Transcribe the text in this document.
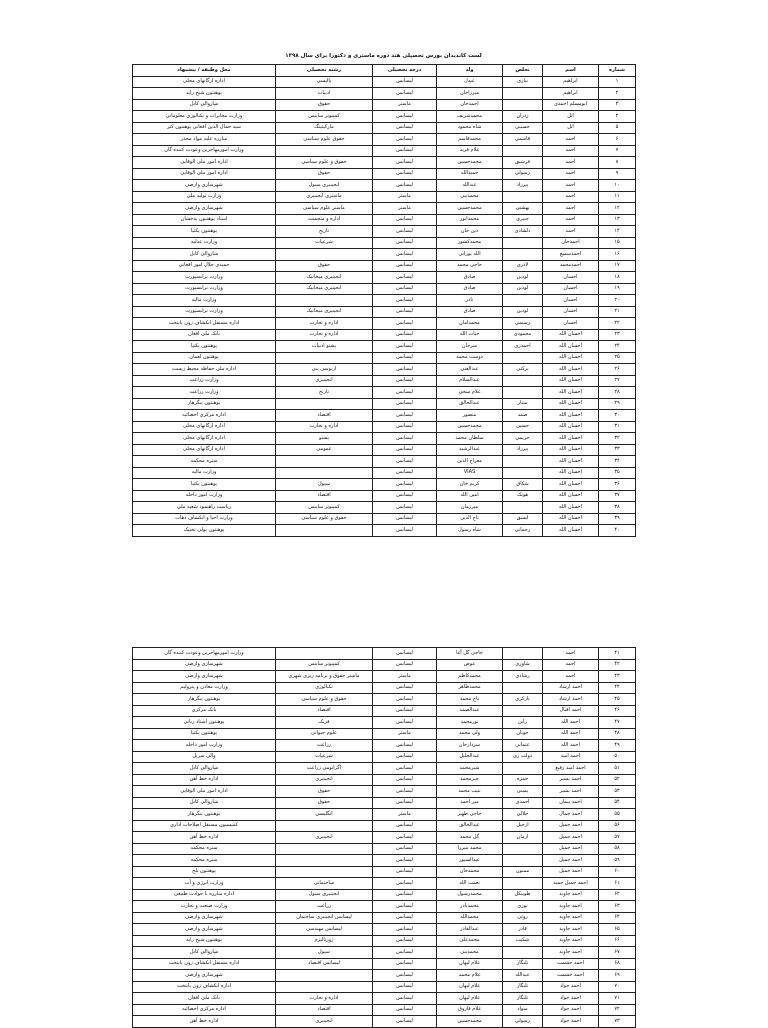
لست کاندیدان بورس تحصیلی هند دوره ماستری و دکتورا برای سال ۱۳۹۸
شماره	اسم	تخلص	ولد	درجه تحصیلی	رشته تحصیلی	محل وظیفه / پیشنهاد
۱	ابراهیم	نیازی	عبدل	لیسانس	پالیسی	اداره ارگانهای محلی
۲	ابراهیم		میرزاخان	لیسانس	ادبیات	پوهنتون شیخ زاید
۳	ابومسلم احمدی		احمدخان	ماستر	حقوق	شاروالی کابل
۴	اتل	زدران	محمدشریف	لیسانس	کمپیوتر ساینس	وزارت مخابرات و تکنالوژی معلوماتی
۵	اتل	حسینی	شاه محمود	لیسانس	مارکیتینگ	سید جمال الدین افغانی پوهنتون کنر
۶	احمد	قاسمی	محمدقاسم	لیسانس	حقوق علوم سیاسی	مبارزه علیه مواد مخدر
۷	احمد		غلام فرید	لیسانس		وزارت امورمهاجرین وعودت کننده گان
۸	احمد	فرشیق	محمدحسین	لیسانس	حقوق و علوم سیاسی	اداره امور ملی الوقایی
۹	احمد	رسولی	حمیدالله	لیسانس	حقوق	اداره امور ملی الوقایی
۱۰	احمد	پیرزاد	عبدالله	لیسانس	انجینیری سیول	شهرسازی وارضی
۱۱	احمد		محمدنبی	ماستر	ماستری انجینیری	وزارت تولید ملی
۱۲	احمد	بهشتی	محمدحسین	ماستر	ماستر علوم سیاسی	شهرسازی وارضی
۱۳	احمد	جبیری	محمدانور	لیسانس	اداره و منجمنت	استاد پوهنتون بدخشان
۱۴	احمد	دلشادی	دین خان	لیسانس	تاریخ	پوهنتون پکتیا
۱۵	احمدخان		محمدکشور	لیسانس	شرعیات	وزارت عدلیه
۱۶	احمدسمیع		الله یوزانی	لیسانس		شاروالی کابل
۱۷	احمدمحمد	لادری	حاجی محمد	لیسانس	حقوق	حمیدی جلال امور افغانی
۱۸	احسان	لودین	صادق	لیسانس	انجینیری میخانیک	وزارت ترانسپورت
۱۹	احسان	لودین	صادق	لیسانس	انجینیری میخانیک	وزارت ترانسپورت
۲۰	احسان		نادر	لیسانس		وزارت مالیه
۲۱	احسان	لودین	صادق	لیسانس	انجینیری میخانیک	وزارت ترانسپورت
۲۲	احسان	رستمی	محمدامان	لیسانس	اداره و تجارت	اداره مستقل انکشاف زون پایتخت
۲۳	احسان الله	محمودی	حیات الله	لیسانس	اداره و تجارت	بانک ملی افغان
۲۴	احسان الله	احمدزی	سرجان	لیسانس	پشتو ادبیات	پوهنتون پکتیا
۲۵	احسان الله		دوست محمد	لیسانس		پوهنتون لغمان
۲۶	احسان الله	برکتی	عبدالغنی	لیسانس	اربوسی بنی	اداره ملی حفاظه محیط زیست
۲۷	احسان الله		عبدالسلام	لیسانس	انجینیری	وزارت زراعت
۲۸	احسان الله		غلام سخی	لیسانس	تاریخ	وزارت زراعت
۲۹	احسان الله	ستار	عبدالخالق	لیسانس		پوهنتون ننگرهار
۳۰	احسان الله	صمد	منصور	لیسانس	اقتصاد	اداره مرکزی احصائیه
۳۱	احسان الله	حسین	محمدحسین	لیسانس	اداره و تجارت	اداره ارگانهای محلی
۳۲	احسان الله	حریمی	سلطان محمد	لیسانس	پشتو	اداره ارگانهای محلی
۳۳	احسان الله	پیرزاد	عبدالرشید	لیسانس	عمومی	اداره ارگانهای محلی
۳۴	احسان الله		معراج الدین	لیسانس		ستره محکمه
۳۵	احسان الله		VIAS	لیسانس		وزارت مالیه
۳۶	احسان الله	شکاق	کریم خان	لیسانس	سیول	پوهنتون پکتیا
۳۷	احسان الله	هوتک	امین الله	لیسانس	اقتصاد	وزارت امور داخله
۳۸	احسان الله		میرزمان	لیسانس	کمپیوتر ساینس	ریاست راهنمود شعیه ملی
۳۹	احسان الله	لیسق	تاج الدین	لیسانس	حقوق و علوم سیاسی	وزارت احیا و انکشاف دهات
۴۰	احسان الله	رحمانی	شاه رسول	لیسانس		پوهنتون پولی تخنیک
۴۱	احمد		حاجی گل آغا	لیسانس		وزارت امورمهاجرین وعودت کننده گان
۴۲	احمد	شاوری	عوض	لیسانس	کمپیوتر ساینس	شهرسازی وارضی
۴۳	احمد	رشادی	محمدکاظم	ماستر	ماستر حقوق و برنامه ریزی شهری	شهرسازی وارضی
۴۴	احمد ارشاد		محمدظاهر	لیسانس	تکنالوژی	وزارت معادن و پترولیم
۴۵	احمد ارشاد	بارکزی	تاج محمد	لیسانس	حقوق و علوم سیاسی	پوهنتون ننگرهار
۴۶	احمد اقبال		عبدالصمد	لیسانس	اقتصاد	بانک مرکزی
۴۷	احمد الله	راین	نورمحمد	لیسانس	فزیک	پوهنتون استاد ربانی
۴۸	احمد الله	حوبان	ولی محمد	ماستر	علوم حیوانی	پوهنتون پکتیا
۴۹	احمد الله	عثمانی	سردارخان	لیسانس	زراعت	وزارت امور داخله
۵۰	احمد امید	دولت زی	عبدالخلیل	لیسانس	شرعیات	والی سرپل
۵۱	احمد امید رفیع		شیرمحمد	لیسانس	اگرانومی زراعت	شاروالی کابل
۵۲	احمد بسیر	حمزه	خیرمحمد	لیسانس	انجینیری	اداره خط آهن
۵۳	احمد بشیر	یمینی	نثیب محمد	لیسانس	حقوق	اداره امور ملی الوقایی
۵۴	احمد پیمان	احمدی	میر احمد	لیسانس	حقوق	شاروالی کابل
۵۵	احمد جمال	جلالی	حاجی ظهیر	ماستر	انگلیسی	پوهنتون ننگرهار
۵۶	احمد جمیل	ازخیل	عبدالخالق	لیسانس		کمیسیون مستقل اصلاحات اداری
۵۷	احمد جمیل	ازمان	گل محمد	لیسانس	انجینیری	اداره خط آهن
۵۸	احمد جمیل		محمد میرزا	لیسانس		ستره محکمه
۵۹	احمد جمیل		عبدالسبور	لیسانس		ستره محکمه
۶۰	احمد جمیل	ممنون	محمدخان	لیسانس		پوهنتون بلخ
۶۱	احمد جمیل حمید		نعمت الله	لیسانس	ساختمانی	وزارت انرژی و آب
۶۲	احمد جاوید	طوبیکل	محمدرسول	لیسانس	انجینیری سیول	اداره مبارزه با حوادث طبیعی
۶۳	احمد جاوید	نوری	محمدنادر	لیسانس	زراعت	وزارت صنعت و تجارت
۶۴	احمد جاوید	روئی	محمدالله	لیسانس	لیسانس انجینیری ساختمان	شهرسازی وارضی
۶۵	احمد جاوید	قادر	عبدالقادر	لیسانس	لیسانس مهندسی	شهرسازی وارضی
۶۶	احمد جاوید	شکیب	محمدعلی	لیسانس	ژورنالیزم	پوهنتون شیخ زاید
۶۷	احمد جاوید		محمدنبی	لیسانس	سیول	شاروالی کابل
۶۸	احمد حشمت	تلنگار	غلام لیهان	لیسانس	لیسانس اقتصاد	اداره مستقل انکشاف زون پایتخت
۶۹	احمد حشمت	عبدالله	غلام محمد	لیسانس		شهرسازی وارضی
۷۰	احمد حواد	تلنگار	غلام لیهان	لیسانس		اداره انکشاف زون پایتخت
۷۱	احمد حواد	تلنگار	غلام لیهان	لیسانس	اداره و تجارت	بانک ملی افغان
۷۲	احمد حواد	میواد	غلام فاروق	لیسانس	اقتصاد	اداره مرکزی احصائیه
۷۳	احمد حواد	رسولی	محمدحسین	لیسانس	انجینیری	اداره خط آهن
